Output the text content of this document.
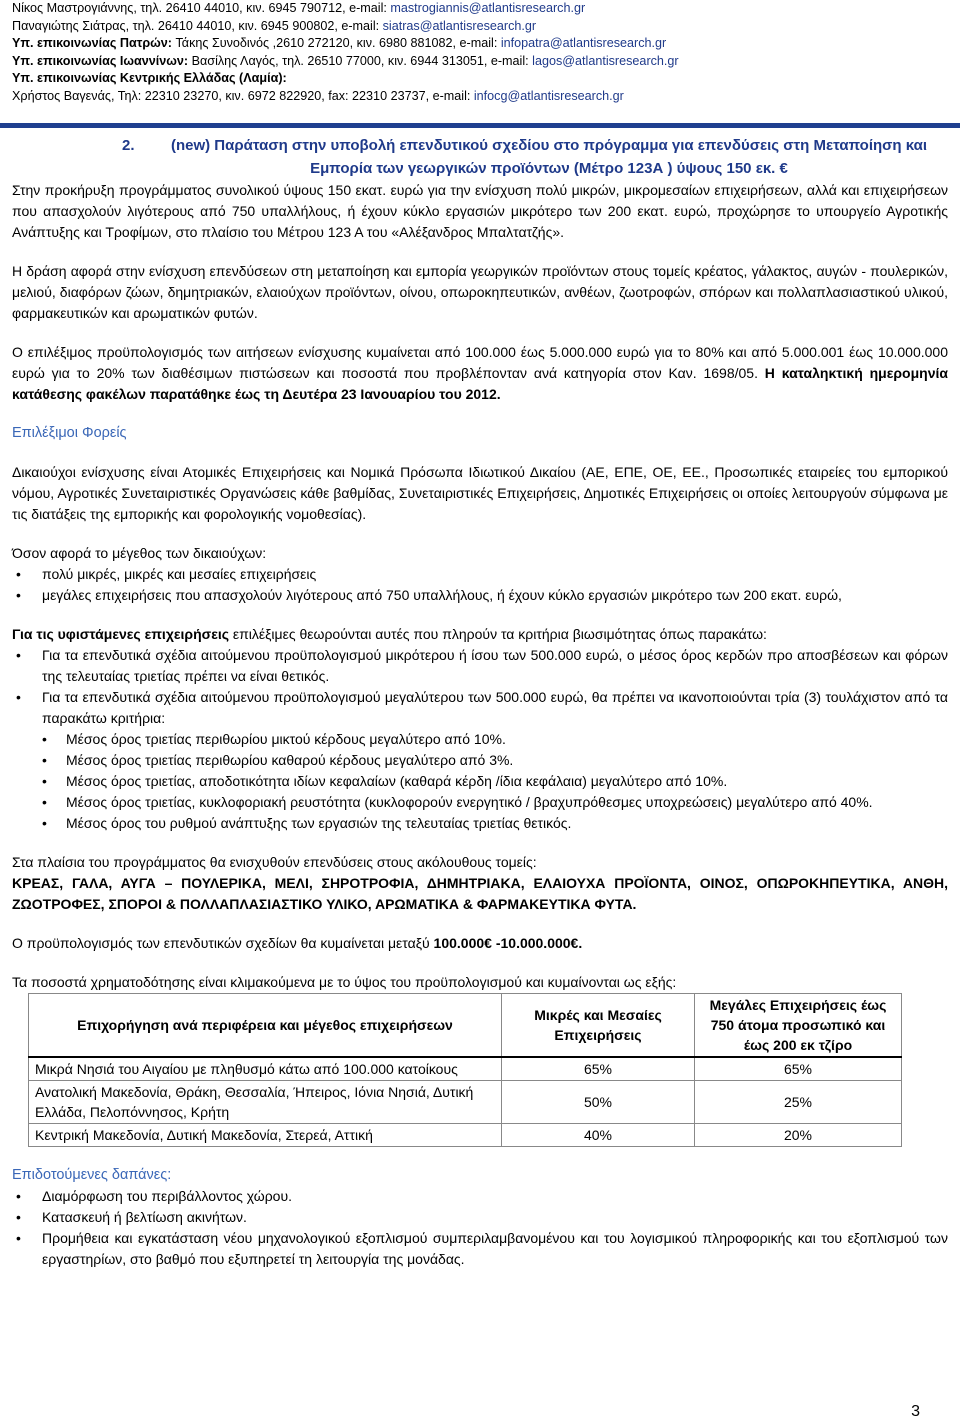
Νίκος Μαστρογιάννης, τηλ. 26410 44010, κιν. 6945 790712, e-mail: mastrogiannis@atlantisresearch.gr
Παναγιώτης Σιάτρας, τηλ. 26410 44010, κιν. 6945 900802, e-mail: siatras@atlantisresearch.gr
Υπ. επικοινωνίας Πατρών: Τάκης Συνοδινός ,2610 272120, κιν. 6980 881082, e-mail: infopatra@atlantisresearch.gr
Υπ. επικοινωνίας Ιωαννίνων: Βασίλης Λαγός, τηλ. 26510 77000, κιν. 6944 313051, e-mail: lagos@atlantisresearch.gr
Υπ. επικοινωνίας Κεντρικής Ελλάδας (Λαμία):
Χρήστος Βαγενάς, Τηλ: 22310 23270, κιν. 6972 822920, fax: 22310 23737, e-mail: infocg@atlantisresearch.gr
2.	(new) Παράταση στην υποβολή επενδυτικού σχεδίου στο πρόγραμμα για επενδύσεις στη Μεταποίηση και Εμπορία των γεωργικών προϊόντων (Μέτρο 123Α ) ύψους 150 εκ. €

Στην προκήρυξη προγράμματος συνολικού ύψους 150 εκατ. ευρώ για την ενίσχυση πολύ μικρών, μικρομεσαίων επιχειρήσεων, αλλά και επιχειρήσεων που απασχολούν λιγότερους από 750 υπαλλήλους, ή έχουν κύκλο εργασιών μικρότερο των 200 εκατ. ευρώ, προχώρησε το υπουργείο Αγροτικής Ανάπτυξης και Τροφίμων, στο πλαίσιο του Μέτρου 123 Α του «Αλέξανδρος Μπαλτατζής».

Η δράση αφορά στην ενίσχυση επενδύσεων στη μεταποίηση και εμπορία γεωργικών προϊόντων στους τομείς κρέατος, γάλακτος, αυγών - πουλερικών, μελιού, διαφόρων ζώων, δημητριακών, ελαιούχων προϊόντων, οίνου, οπωροκηπευτικών, ανθέων, ζωοτροφών, σπόρων και πολλαπλασιαστικού υλικού, φαρμακευτικών και αρωματικών φυτών.

Ο επιλέξιμος προϋπολογισμός των αιτήσεων ενίσχυσης κυμαίνεται από 100.000 έως 5.000.000 ευρώ για το 80% και από 5.000.001 έως 10.000.000 ευρώ για το 20% των διαθέσιμων πιστώσεων και ποσοστά που προβλέπονταν ανά κατηγορία στον Καν. 1698/05. Η καταληκτική ημερομηνία κατάθεσης φακέλων παρατάθηκε έως τη Δευτέρα 23 Ιανουαρίου του 2012.

Επιλέξιμοι Φορείς

Δικαιούχοι ενίσχυσης είναι Ατομικές Επιχειρήσεις και Νομικά Πρόσωπα Ιδιωτικού Δικαίου (ΑΕ, ΕΠΕ, ΟΕ, ΕΕ., Προσωπικές εταιρείες του εμπορικού νόμου, Αγροτικές Συνεταιριστικές Οργανώσεις κάθε βαθμίδας, Συνεταιριστικές Επιχειρήσεις, Δημοτικές Επιχειρήσεις οι οποίες λειτουργούν σύμφωνα με τις διατάξεις της εμπορικής και φορολογικής νομοθεσίας).

Όσον αφορά το μέγεθος των δικαιούχων:

• πολύ μικρές, μικρές και μεσαίες επιχειρήσεις
• μεγάλες επιχειρήσεις που απασχολούν λιγότερους από 750 υπαλλήλους, ή έχουν κύκλο εργασιών μικρότερο των 200 εκατ. ευρώ,

Για τις υφιστάμενες επιχειρήσεις επιλέξιμες θεωρούνται αυτές που πληρούν τα κριτήρια βιωσιμότητας όπως παρακάτω:

• Για τα επενδυτικά σχέδια αιτούμενου προϋπολογισμού μικρότερου ή ίσου των 500.000 ευρώ, ο μέσος όρος κερδών προ αποσβέσεων και φόρων της τελευταίας τριετίας πρέπει να είναι θετικός.
• Για τα επενδυτικά σχέδια αιτούμενου προϋπολογισμού μεγαλύτερου των 500.000 ευρώ, θα πρέπει να ικανοποιούνται τρία (3) τουλάχιστον από τα παρακάτω κριτήρια:
• Μέσος όρος τριετίας περιθωρίου μικτού κέρδους μεγαλύτερο από 10%.
• Μέσος όρος τριετίας περιθωρίου καθαρού κέρδους μεγαλύτερο από 3%.
• Μέσος όρος τριετίας, αποδοτικότητα ιδίων κεφαλαίων (καθαρά κέρδη /ίδια κεφάλαια) μεγαλύτερο από 10%.
• Μέσος όρος τριετίας, κυκλοφοριακή ρευστότητα (κυκλοφορούν ενεργητικό / βραχυπρόθεσμες υποχρεώσεις) μεγαλύτερο από 40%.
• Μέσος όρος του ρυθμού ανάπτυξης των εργασιών της τελευταίας τριετίας θετικός.

Στα πλαίσια του προγράμματος θα ενισχυθούν επενδύσεις στους ακόλουθους τομείς:

ΚΡΕΑΣ, ΓΑΛΑ, ΑΥΓΑ – ΠΟΥΛΕΡΙΚΑ, ΜΕΛΙ, ΣΗΡΟΤΡΟΦΙΑ, ΔΗΜΗΤΡΙΑΚΑ, ΕΛΑΙΟΥΧΑ ΠΡΟΪΟΝΤΑ, ΟΙΝΟΣ, ΟΠΩΡΟΚΗΠΕΥΤΙΚΑ, ΑΝΘΗ, ΖΩΟΤΡΟΦΕΣ, ΣΠΟΡΟΙ & ΠΟΛΛΑΠΛΑΣΙΑΣΤΙΚΟ ΥΛΙΚΟ, ΑΡΩΜΑΤΙΚΑ & ΦΑΡΜΑΚΕΥΤΙΚΑ ΦΥΤΑ.

Ο προϋπολογισμός των επενδυτικών σχεδίων θα κυμαίνεται μεταξύ 100.000€ -10.000.000€.

Τα ποσοστά χρηματοδότησης είναι κλιμακούμενα με το ύψος του προϋπολογισμού και κυμαίνονται ως εξής:

Επιχορήγηση ανά περιφέρεια και μέγεθος επιχειρήσεων	Μικρές και Μεσαίες Επιχειρήσεις	Μεγάλες Επιχειρήσεις έως 750 άτομα προσωπικό και έως 200 εκ τζίρο
Μικρά Νησιά του Αιγαίου με πληθυσμό κάτω από 100.000 κατοίκους	65%	65%
Ανατολική Μακεδονία, Θράκη, Θεσσαλία, Ήπειρος, Ιόνια Νησιά, Δυτική Ελλάδα, Πελοπόννησος, Κρήτη	50%	25%
Κεντρική Μακεδονία, Δυτική Μακεδονία, Στερεά, Αττική	40%	20%

Επιδοτούμενες δαπάνες:

• Διαμόρφωση του περιβάλλοντος χώρου.
• Κατασκευή ή βελτίωση ακινήτων.
• Προμήθεια και εγκατάσταση νέου μηχανολογικού εξοπλισμού συμπεριλαμβανομένου και του λογισμικού πληροφορικής και του εξοπλισμού των εργαστηρίων, στο βαθμό που εξυπηρετεί τη λειτουργία της μονάδας.
3
